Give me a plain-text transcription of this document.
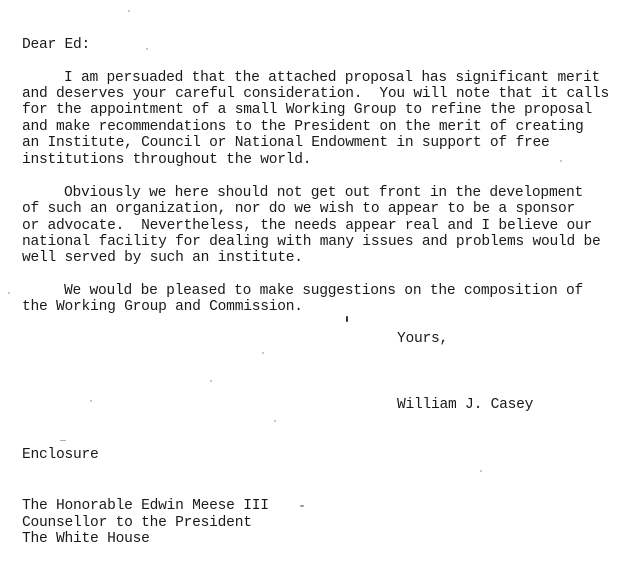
Dear Ed:
I am persuaded that the attached proposal has significant merit
and deserves your careful consideration.  You will note that it calls
for the appointment of a small Working Group to refine the proposal
and make recommendations to the President on the merit of creating
an Institute, Council or National Endowment in support of free
institutions throughout the world.
Obviously we here should not get out front in the development
of such an organization, nor do we wish to appear to be a sponsor
or advocate.  Nevertheless, the needs appear real and I believe our
national facility for dealing with many issues and problems would be
well served by such an institute.
We would be pleased to make suggestions on the composition of
the Working Group and Commission.
Yours,
William J. Casey
Enclosure
The Honorable Edwin Meese III
Counsellor to the President
The White House
